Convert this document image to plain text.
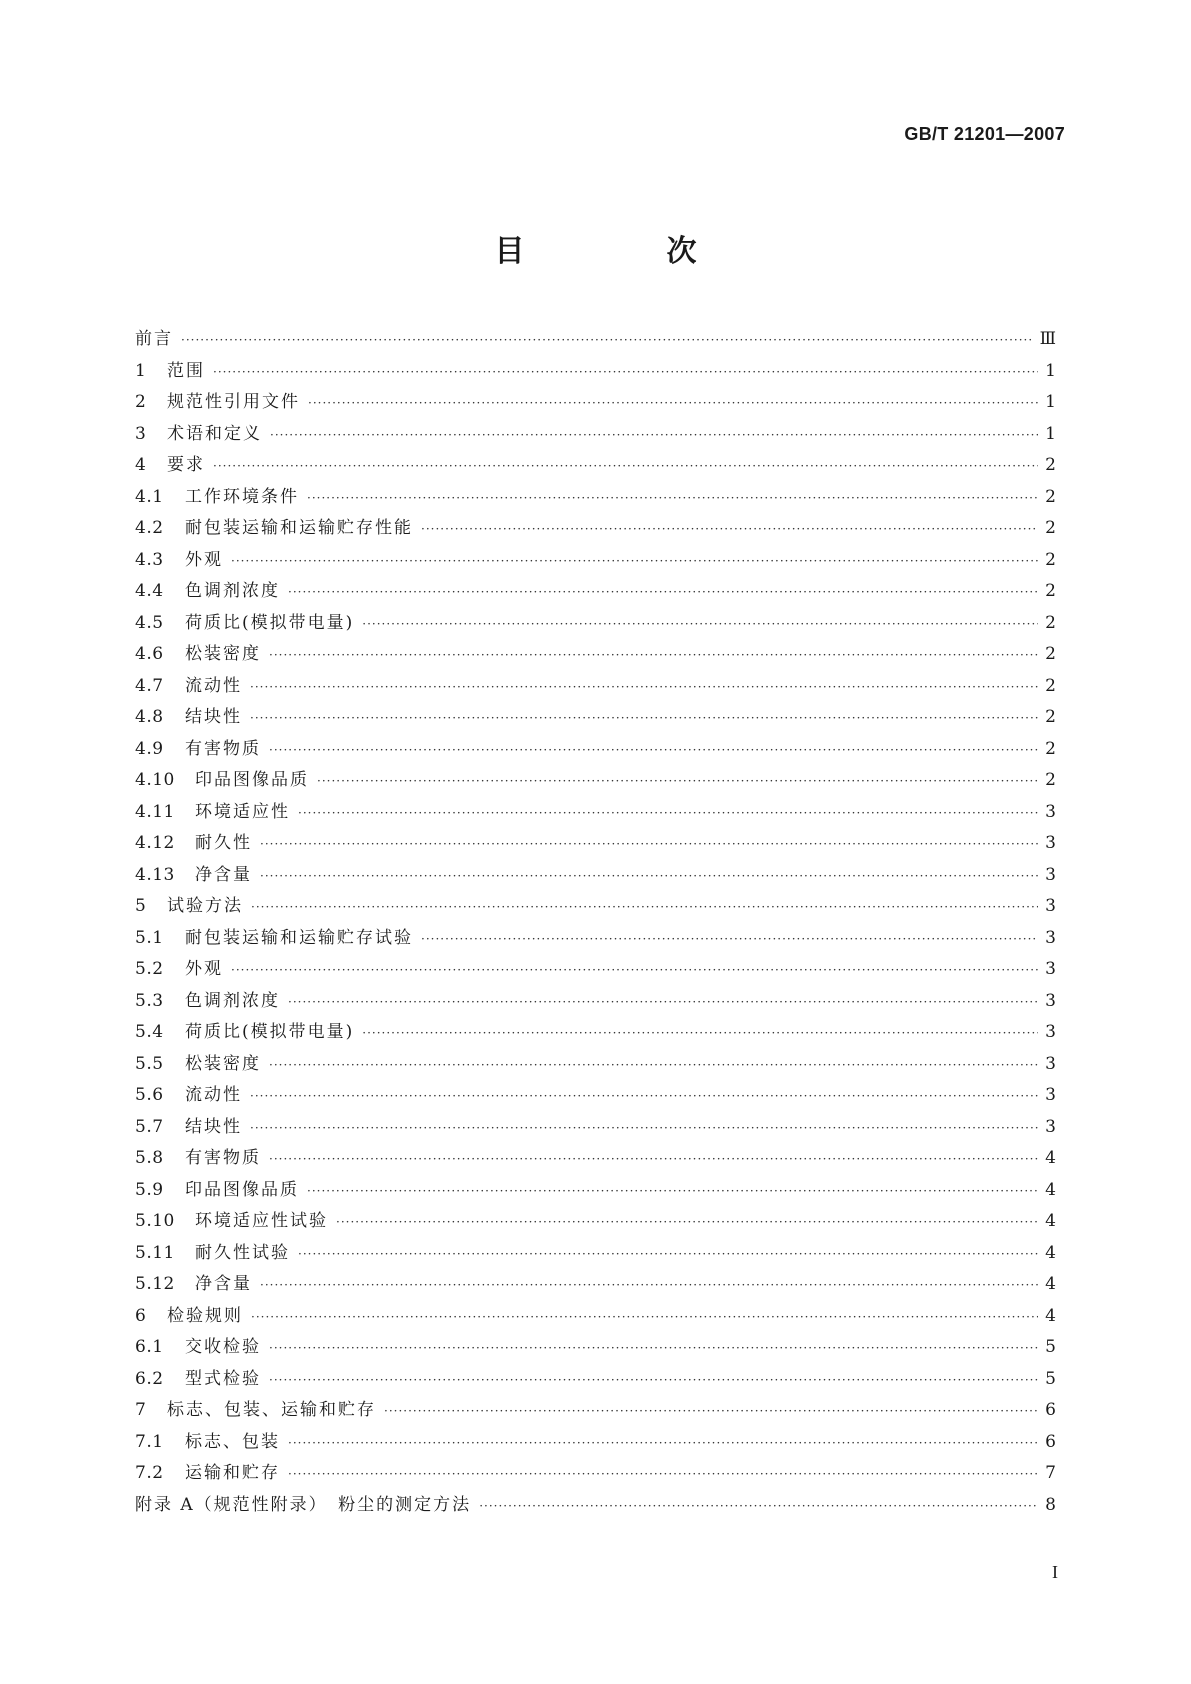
GB/T 21201—2007
目　次
前言 ·····	Ⅲ
1	范围 ·····	1
2	规范性引用文件 ·····	1
3	术语和定义 ·····	1
4	要求 ·····	2
4.1	工作环境条件 ·····	2
4.2	耐包装运输和运输贮存性能 ·····	2
4.3	外观 ·····	2
4.4	色调剂浓度 ·····	2
4.5	荷质比(模拟带电量) ·····	2
4.6	松装密度 ·····	2
4.7	流动性 ·····	2
4.8	结块性 ·····	2
4.9	有害物质 ·····	2
4.10	印品图像品质 ·····	2
4.11	环境适应性 ·····	3
4.12	耐久性 ·····	3
4.13	净含量 ·····	3
5	试验方法 ·····	3
5.1	耐包装运输和运输贮存试验 ·····	3
5.2	外观 ·····	3
5.3	色调剂浓度 ·····	3
5.4	荷质比(模拟带电量) ·····	3
5.5	松装密度 ·····	3
5.6	流动性 ·····	3
5.7	结块性 ·····	3
5.8	有害物质 ·····	4
5.9	印品图像品质 ·····	4
5.10	环境适应性试验 ·····	4
5.11	耐久性试验 ·····	4
5.12	净含量 ·····	4
6	检验规则 ·····	4
6.1	交收检验 ·····	5
6.2	型式检验 ·····	5
7	标志、包装、运输和贮存 ·····	6
7.1	标志、包装 ·····	6
7.2	运输和贮存 ·····	7
附录 A（规范性附录）　粉尘的测定方法 ·····	8
I
